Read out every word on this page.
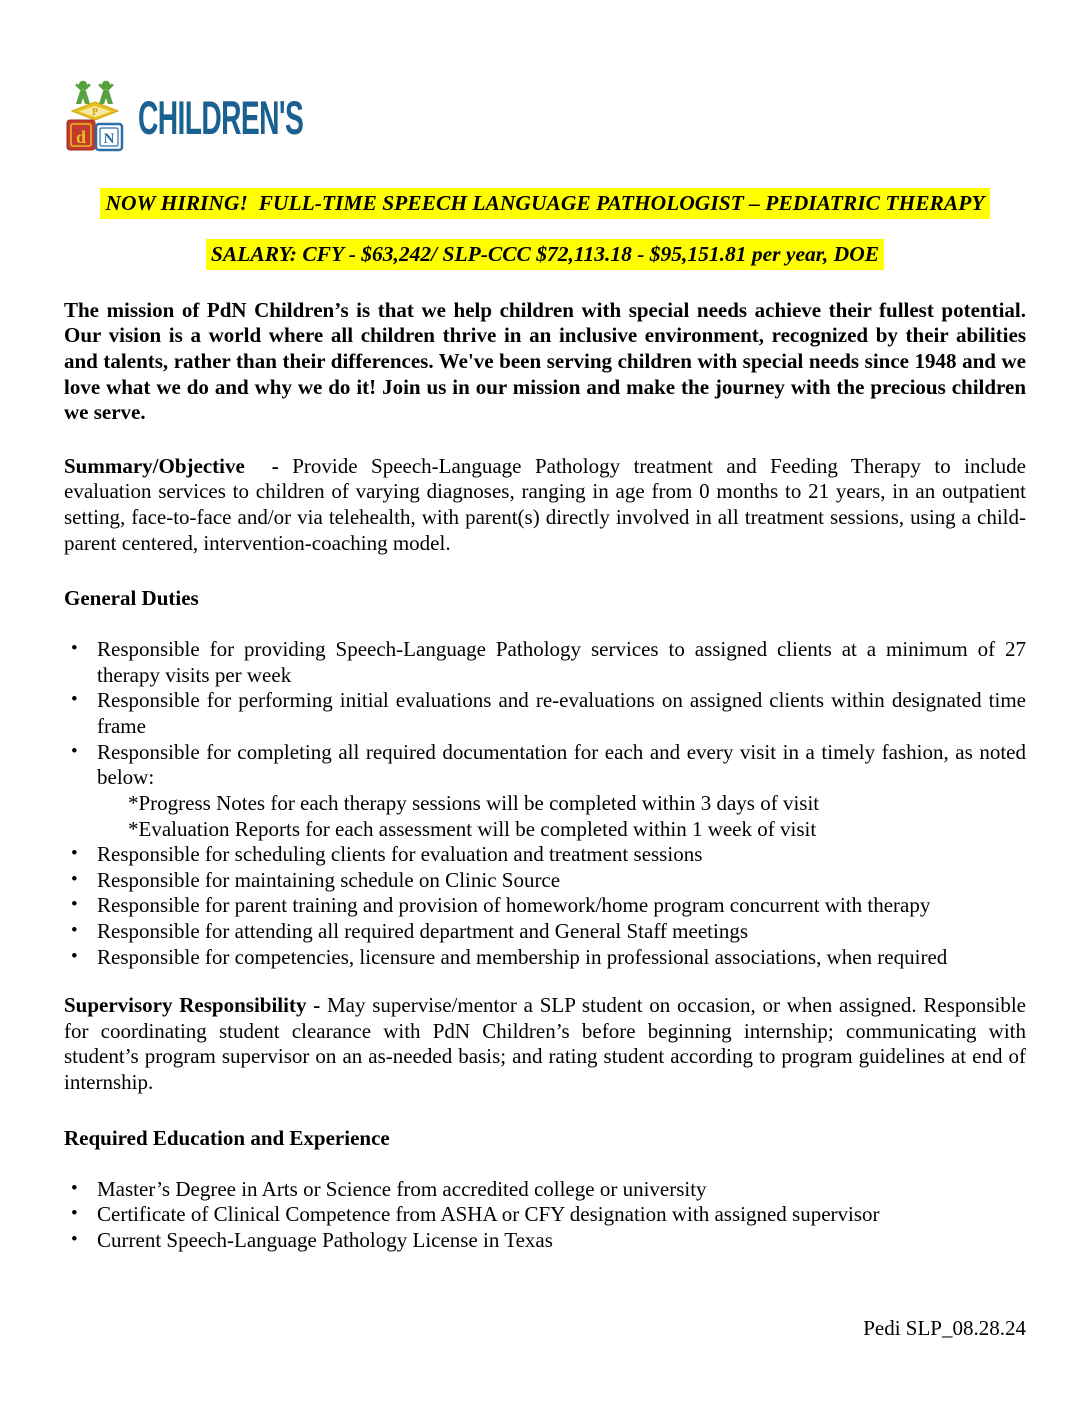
P
d N CHILDREN'S
NOW HIRING!  FULL-TIME SPEECH LANGUAGE PATHOLOGIST – PEDIATRIC THERAPY
SALARY: CFY - $63,242/ SLP-CCC $72,113.18 - $95,151.81 per year, DOE

The mission of PdN Children’s is that we help children with special needs achieve their fullest potential. Our vision is a world where all children thrive in an inclusive environment, recognized by their abilities and talents, rather than their differences. We've been serving children with special needs since 1948 and we love what we do and why we do it! Join us in our mission and make the journey with the precious children we serve.

Summary/Objective  - Provide Speech-Language Pathology treatment and Feeding Therapy to include evaluation services to children of varying diagnoses, ranging in age from 0 months to 21 years, in an outpatient setting, face-to-face and/or via telehealth, with parent(s) directly involved in all treatment sessions, using a child-parent centered, intervention-coaching model.

General Duties
• Responsible for providing Speech-Language Pathology services to assigned clients at a minimum of 27 therapy visits per week
• Responsible for performing initial evaluations and re-evaluations on assigned clients within designated time frame
• Responsible for completing all required documentation for each and every visit in a timely fashion, as noted below:
*Progress Notes for each therapy sessions will be completed within 3 days of visit
*Evaluation Reports for each assessment will be completed within 1 week of visit
• Responsible for scheduling clients for evaluation and treatment sessions
• Responsible for maintaining schedule on Clinic Source
• Responsible for parent training and provision of homework/home program concurrent with therapy
• Responsible for attending all required department and General Staff meetings
• Responsible for competencies, licensure and membership in professional associations, when required

Supervisory Responsibility - May supervise/mentor a SLP student on occasion, or when assigned. Responsible for coordinating student clearance with PdN Children’s before beginning internship; communicating with student’s program supervisor on an as-needed basis; and rating student according to program guidelines at end of internship.

Required Education and Experience
• Master’s Degree in Arts or Science from accredited college or university
• Certificate of Clinical Competence from ASHA or CFY designation with assigned supervisor
• Current Speech-Language Pathology License in Texas
Pedi SLP_08.28.24
